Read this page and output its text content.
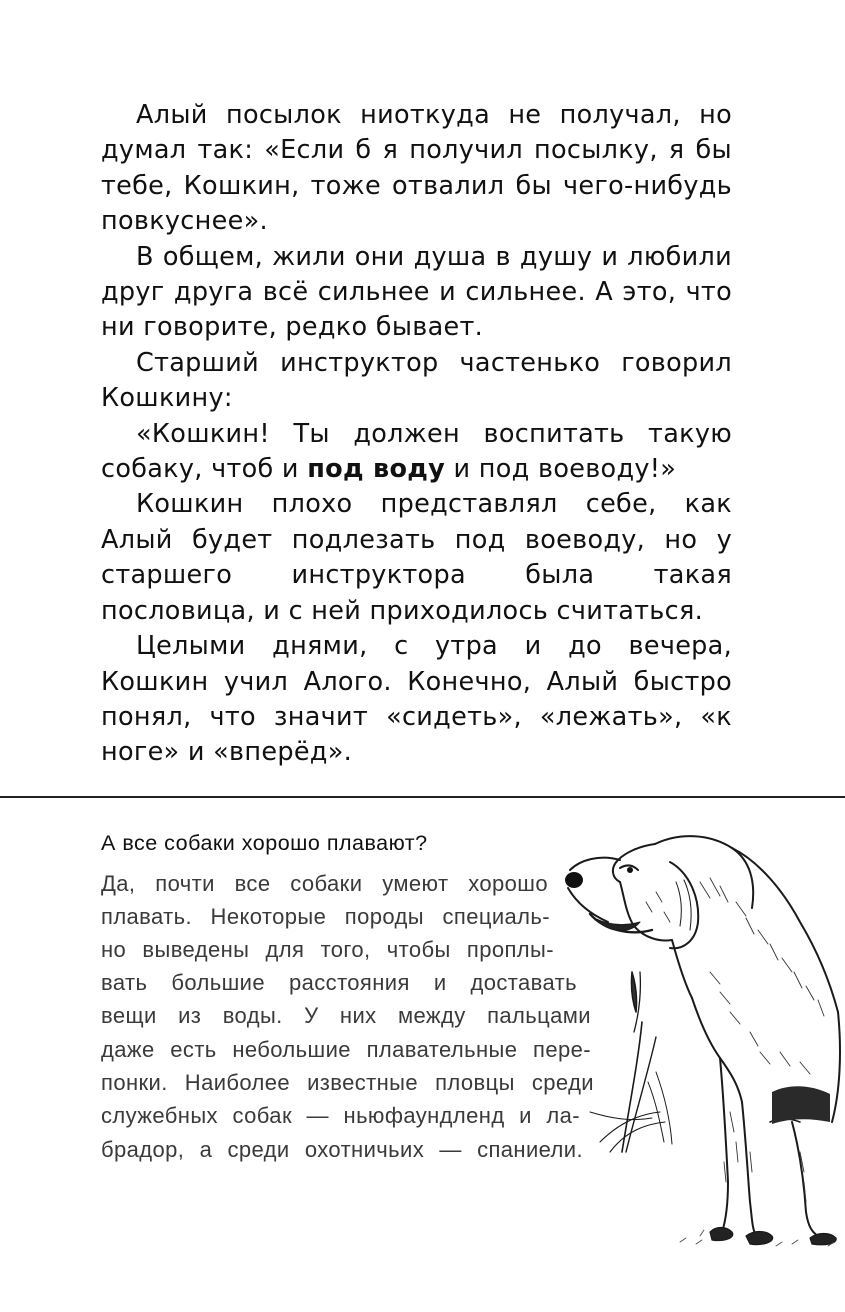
Алый посылок ниоткуда не получал, но думал так: «Если б я получил посылку, я бы тебе, Кошкин, тоже отвалил бы чего-нибудь повкуснее».

В общем, жили они душа в душу и любили друг друга всё сильнее и сильнее. А это, что ни говорите, редко бывает.

Старший инструктор частенько говорил Кошкину:

«Кошкин! Ты должен воспитать такую собаку, чтоб и под воду и под воеводу!»

Кошкин плохо представлял себе, как Алый будет подлезать под воеводу, но у старшего инструктора была такая пословица, и с ней приходилось считаться.

Целыми днями, с утра и до вечера, Кошкин учил Алого. Конечно, Алый быстро понял, что значит «сидеть», «лежать», «к ноге» и «вперёд».

А все собаки хорошо плавают?
Да, почти все собаки умеют хорошо
плавать. Некоторые породы специаль-
но выведены для того, чтобы проплы-
вать большие расстояния и доставать
вещи из воды. У них между пальцами
даже есть небольшие плавательные пере-
понки. Наиболее известные пловцы среди
служебных собак — ньюфаундленд и ла-
брадор, а среди охотничьих — спаниели.
